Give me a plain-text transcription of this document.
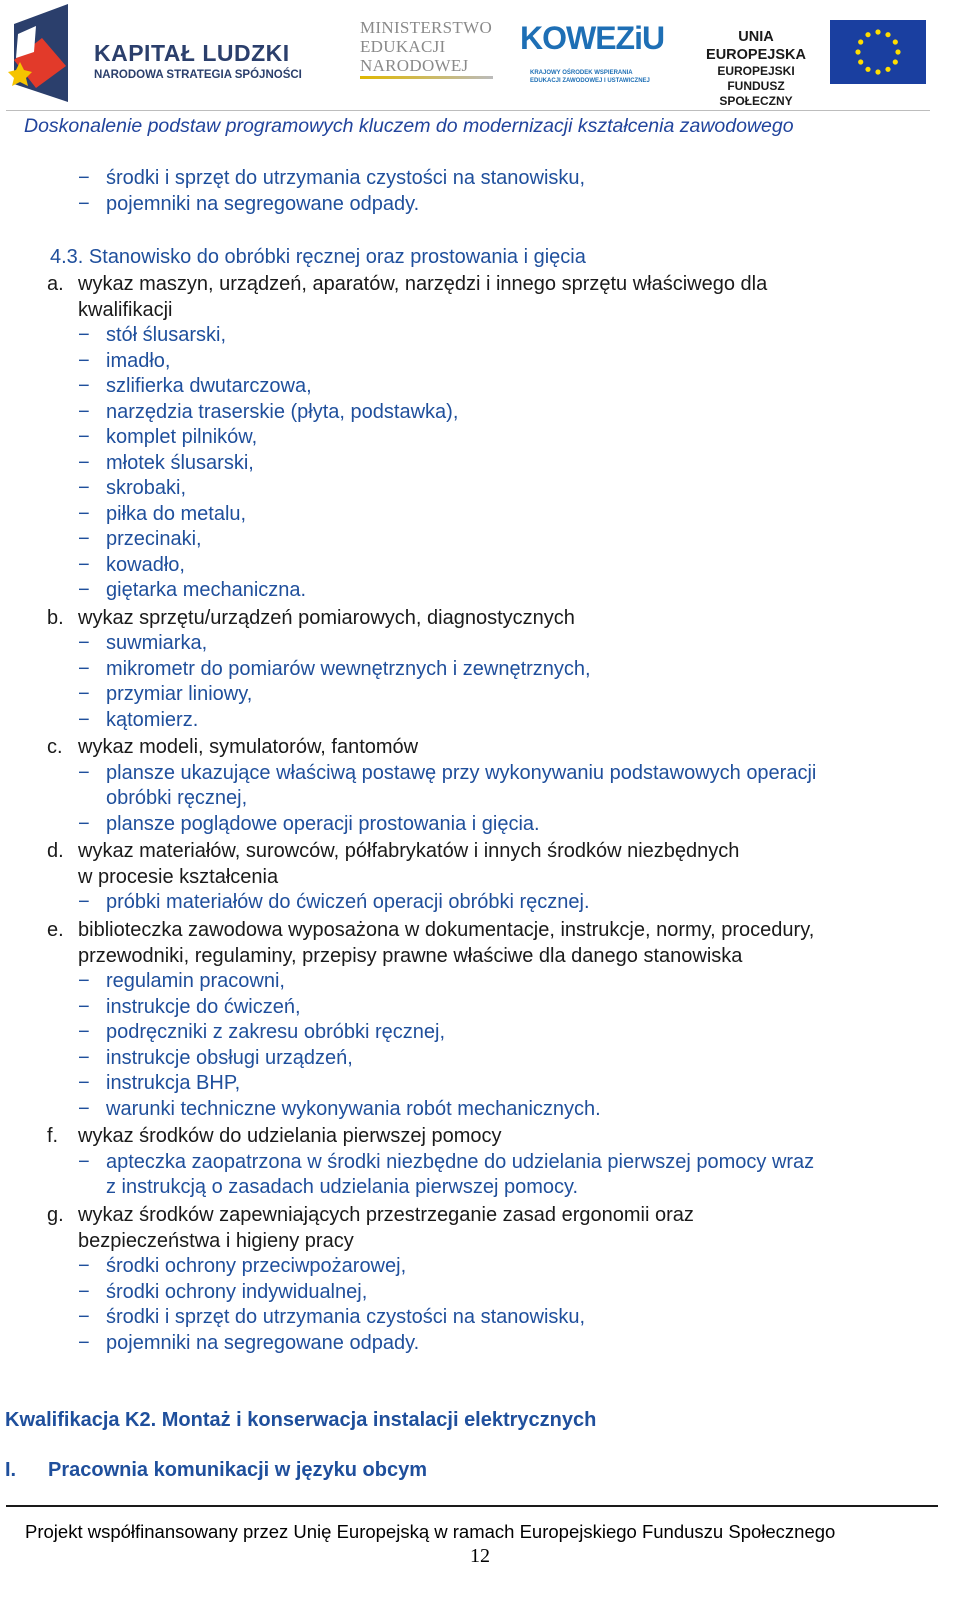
KAPITAŁ LUDZKI
NARODOWA STRATEGIA SPÓJNOŚCI
MINISTERSTWO
EDUKACJI
NARODOWEJ
KOWEZiU
KRAJOWY OŚRODEK WSPIERANIA
EDUKACJI ZAWODOWEJ I USTAWICZNEJ
UNIA EUROPEJSKA
EUROPEJSKI
FUNDUSZ SPOŁECZNY
Doskonalenie podstaw programowych kluczem do modernizacji kształcenia zawodowego
− środki i sprzęt do utrzymania czystości na stanowisku,
− pojemniki na segregowane odpady.
4.3. Stanowisko do obróbki ręcznej oraz prostowania i gięcia
a. wykaz maszyn, urządzeń, aparatów, narzędzi i innego sprzętu właściwego dla
kwalifikacji
− stół ślusarski,
− imadło,
− szlifierka dwutarczowa,
− narzędzia traserskie (płyta, podstawka),
− komplet pilników,
− młotek ślusarski,
− skrobaki,
− piłka do metalu,
− przecinaki,
− kowadło,
− giętarka mechaniczna.
b. wykaz sprzętu/urządzeń pomiarowych, diagnostycznych
− suwmiarka,
− mikrometr do pomiarów wewnętrznych i zewnętrznych,
− przymiar liniowy,
− kątomierz.
c. wykaz modeli, symulatorów, fantomów
− plansze ukazujące właściwą postawę przy wykonywaniu podstawowych operacji
obróbki ręcznej,
− plansze poglądowe operacji prostowania i gięcia.
d. wykaz materiałów, surowców, półfabrykatów i innych środków niezbędnych
w procesie kształcenia
− próbki materiałów do ćwiczeń operacji obróbki ręcznej.
e. biblioteczka zawodowa wyposażona w dokumentacje, instrukcje, normy, procedury,
przewodniki, regulaminy, przepisy prawne właściwe dla danego stanowiska
− regulamin pracowni,
− instrukcje do ćwiczeń,
− podręczniki z zakresu obróbki ręcznej,
− instrukcje obsługi urządzeń,
− instrukcja BHP,
− warunki techniczne wykonywania robót mechanicznych.
f. wykaz środków do udzielania pierwszej pomocy
− apteczka zaopatrzona w środki niezbędne do udzielania pierwszej pomocy wraz
z instrukcją o zasadach udzielania pierwszej pomocy.
g. wykaz środków zapewniających przestrzeganie zasad ergonomii oraz
bezpieczeństwa i higieny pracy
− środki ochrony przeciwpożarowej,
− środki ochrony indywidualnej,
− środki i sprzęt do utrzymania czystości na stanowisku,
− pojemniki na segregowane odpady.
Kwalifikacja K2. Montaż i konserwacja instalacji elektrycznych
I. Pracownia komunikacji w języku obcym
Projekt współfinansowany przez Unię Europejską w ramach Europejskiego Funduszu Społecznego
12
